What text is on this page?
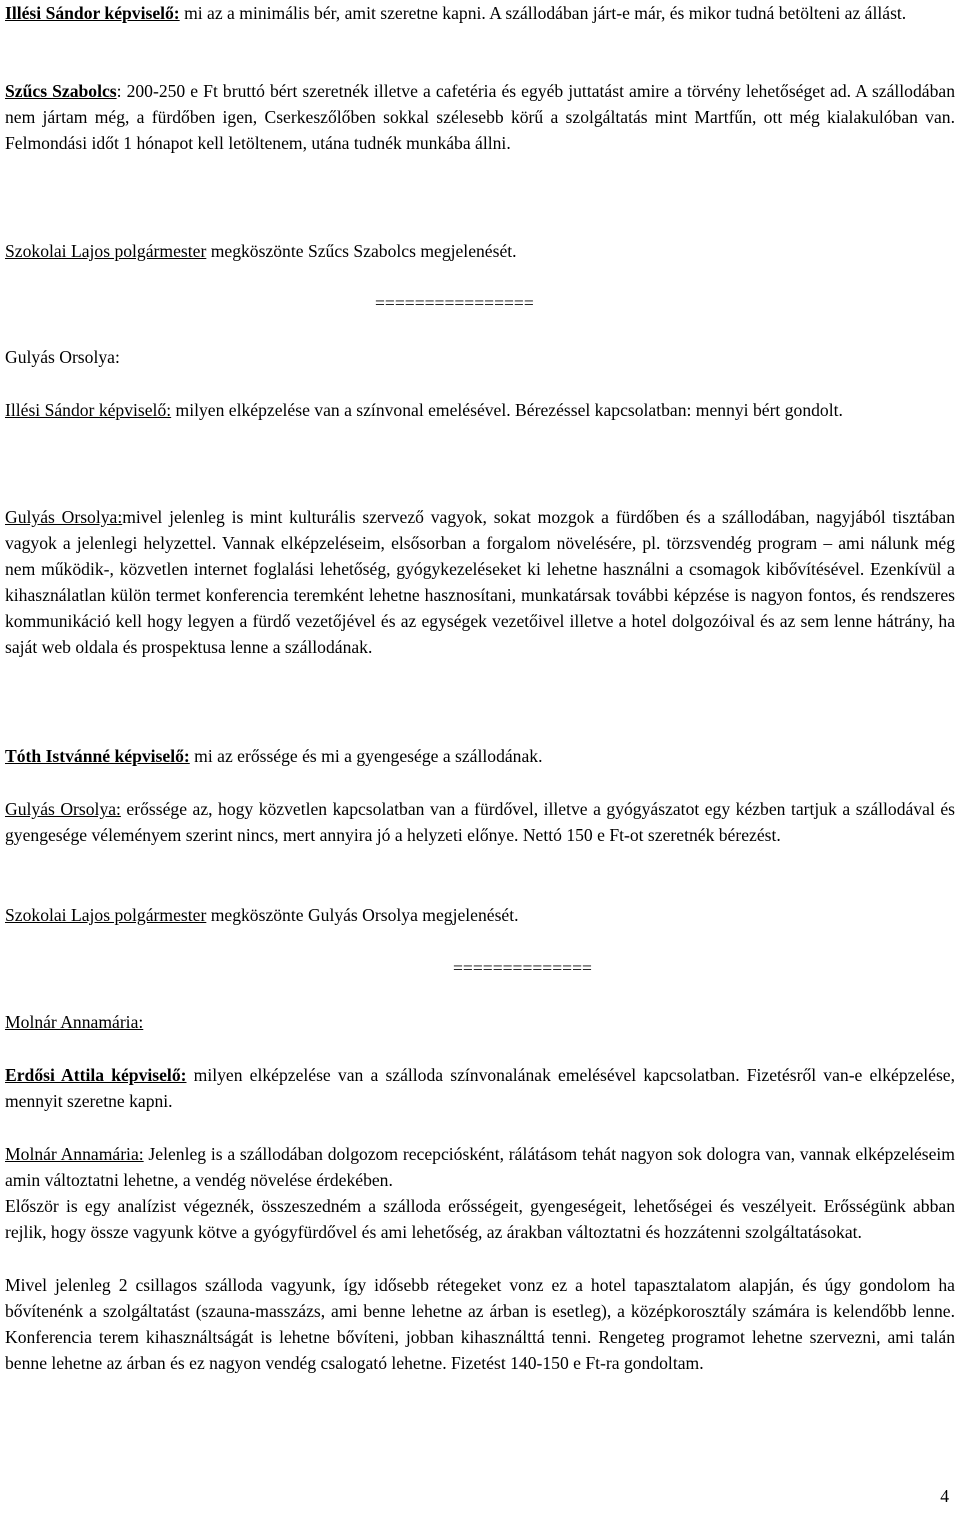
Illési Sándor képviselő: mi az a minimális bér, amit szeretne kapni. A szállodában járt-e már, és mikor tudná betölteni az állást.

Szűcs Szabolcs: 200-250 e Ft bruttó bért szeretnék illetve a cafetéria és egyéb juttatást amire a törvény lehetőséget ad. A szállodában nem jártam még, a fürdőben igen, Cserkeszőlőben sokkal szélesebb körű a szolgáltatás mint Martfűn, ott még kialakulóban van. Felmondási időt 1 hónapot kell letöltenem, utána tudnék munkába állni.

Szokolai Lajos polgármester megköszönte Szűcs Szabolcs megjelenését.

================

Gulyás Orsolya:

Illési Sándor képviselő: milyen elképzelése van a színvonal emelésével. Bérezéssel kapcsolatban: mennyi bért gondolt.

Gulyás Orsolya:mivel jelenleg is mint kulturális szervező vagyok, sokat mozgok a fürdőben és a szállodában, nagyjából tisztában vagyok a jelenlegi helyzettel. Vannak elképzeléseim, elsősorban a forgalom növelésére, pl. törzsvendég program – ami nálunk még nem működik-, közvetlen internet foglalási lehetőség, gyógykezeléseket ki lehetne használni a csomagok kibővítésével. Ezenkívül a kihasználatlan külön termet konferencia teremként lehetne hasznosítani, munkatársak további képzése is nagyon fontos, és rendszeres kommunikáció kell hogy legyen a fürdő vezetőjével és az egységek vezetőivel illetve a hotel dolgozóival és az sem lenne hátrány, ha saját web oldala és prospektusa lenne a szállodának.

Tóth Istvánné képviselő: mi az erőssége és mi a gyengesége a szállodának.

Gulyás Orsolya: erőssége az, hogy közvetlen kapcsolatban van a fürdővel, illetve a gyógyászatot egy kézben tartjuk a szállodával és gyengesége véleményem szerint nincs, mert annyira jó a helyzeti előnye. Nettó 150 e Ft-ot szeretnék bérezést.

Szokolai Lajos polgármester megköszönte Gulyás Orsolya megjelenését.

==============

Molnár Annamária:

Erdősi Attila képviselő: milyen elképzelése van a szálloda színvonalának emelésével kapcsolatban. Fizetésről van-e elképzelése, mennyit szeretne kapni.

Molnár Annamária: Jelenleg is a szállodában dolgozom recepciósként, rálátásom tehát nagyon sok dologra van, vannak elképzeléseim amin változtatni lehetne, a vendég növelése érdekében.

Először is egy analízist végeznék, összeszedném a szálloda erősségeit, gyengeségeit, lehetőségei és veszélyeit. Erősségünk abban rejlik, hogy össze vagyunk kötve a gyógyfürdővel és ami lehetőség, az árakban változtatni és hozzátenni szolgáltatásokat.

Mivel jelenleg 2 csillagos szálloda vagyunk, így idősebb rétegeket vonz ez a hotel tapasztalatom alapján, és úgy gondolom ha bővítenénk a szolgáltatást (szauna-masszázs, ami benne lehetne az árban is esetleg), a középkorosztály számára is kelendőbb lenne. Konferencia terem kihasználtságát is lehetne bővíteni, jobban kihasználttá tenni. Rengeteg programot lehetne szervezni, ami talán benne lehetne az árban és ez nagyon vendég csalogató lehetne. Fizetést 140-150 e Ft-ra gondoltam.

4
